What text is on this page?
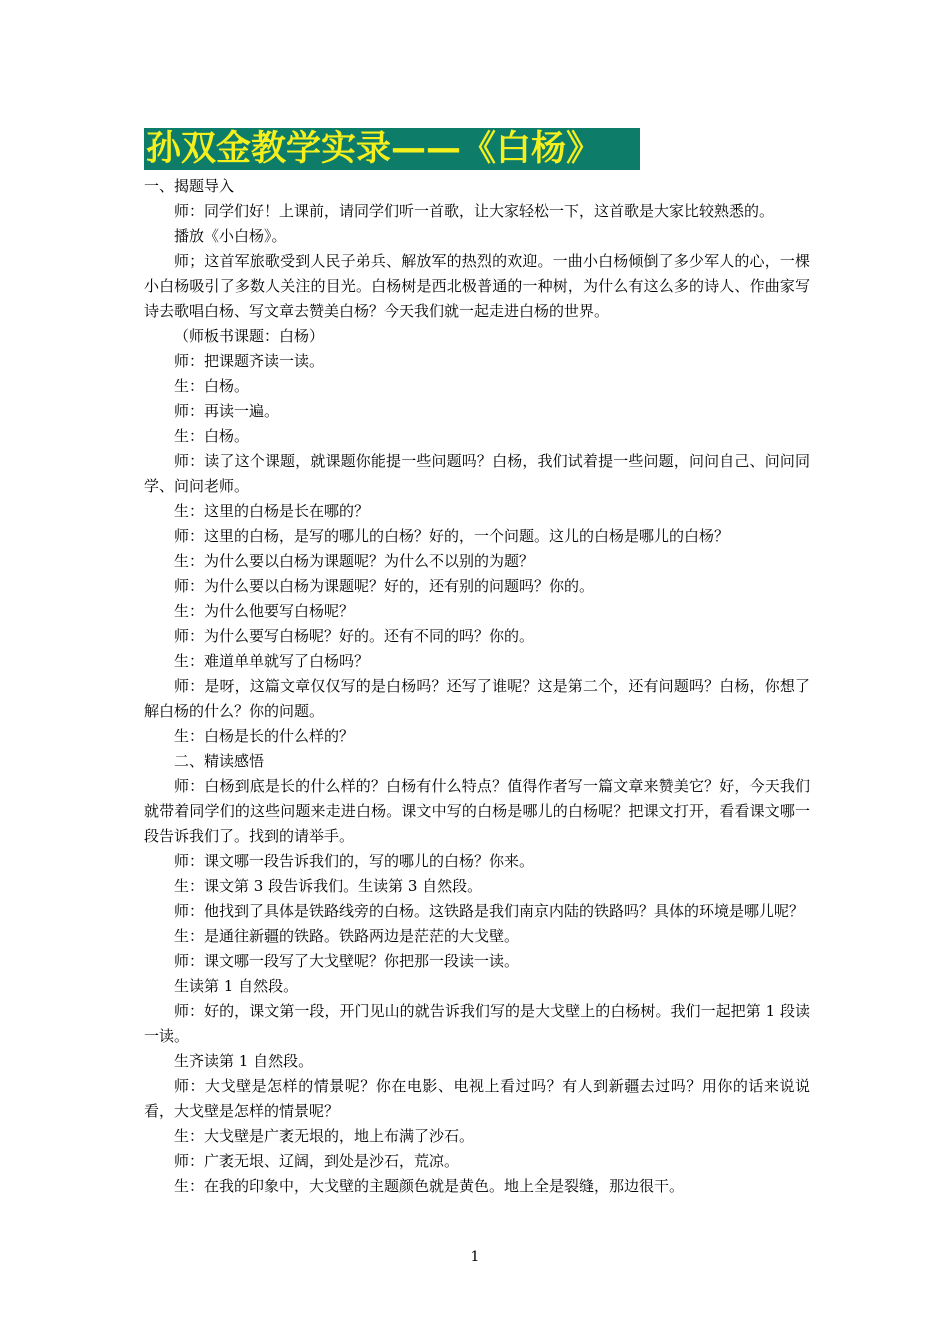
孙双金教学实录——《白杨》

一、揭题导入

师：同学们好！上课前，请同学们听一首歌，让大家轻松一下，这首歌是大家比较熟悉的。

播放《小白杨》。

师；这首军旅歌受到人民子弟兵、解放军的热烈的欢迎。一曲小白杨倾倒了多少军人的心，一棵小白杨吸引了多数人关注的目光。白杨树是西北极普通的一种树，为什么有这么多的诗人、作曲家写诗去歌唱白杨、写文章去赞美白杨？今天我们就一起走进白杨的世界。

（师板书课题：白杨）

师：把课题齐读一读。

生：白杨。

师：再读一遍。

生：白杨。

师：读了这个课题，就课题你能提一些问题吗？白杨，我们试着提一些问题，问问自己、问问同学、问问老师。

生：这里的白杨是长在哪的？

师：这里的白杨，是写的哪儿的白杨？好的，一个问题。这儿的白杨是哪儿的白杨？

生：为什么要以白杨为课题呢？为什么不以别的为题？

师：为什么要以白杨为课题呢？好的，还有别的问题吗？你的。

生：为什么他要写白杨呢？

师：为什么要写白杨呢？好的。还有不同的吗？你的。

生：难道单单就写了白杨吗？

师：是呀，这篇文章仅仅写的是白杨吗？还写了谁呢？这是第二个，还有问题吗？白杨，你想了解白杨的什么？你的问题。

生：白杨是长的什么样的？

二、精读感悟

师：白杨到底是长的什么样的？白杨有什么特点？值得作者写一篇文章来赞美它？好，今天我们就带着同学们的这些问题来走进白杨。课文中写的白杨是哪儿的白杨呢？把课文打开，看看课文哪一段告诉我们了。找到的请举手。

师：课文哪一段告诉我们的，写的哪儿的白杨？你来。

生：课文第 3 段告诉我们。生读第 3 自然段。

师：他找到了具体是铁路线旁的白杨。这铁路是我们南京内陆的铁路吗？具体的环境是哪儿呢？

生：是通往新疆的铁路。铁路两边是茫茫的大戈壁。

师：课文哪一段写了大戈壁呢？你把那一段读一读。

生读第 1 自然段。

师：好的，课文第一段，开门见山的就告诉我们写的是大戈壁上的白杨树。我们一起把第 1 段读一读。

生齐读第 1 自然段。

师：大戈壁是怎样的情景呢？你在电影、电视上看过吗？有人到新疆去过吗？用你的话来说说看，大戈壁是怎样的情景呢？

生：大戈壁是广袤无垠的，地上布满了沙石。

师：广袤无垠、辽阔，到处是沙石，荒凉。

生：在我的印象中，大戈壁的主题颜色就是黄色。地上全是裂缝，那边很干。

1
